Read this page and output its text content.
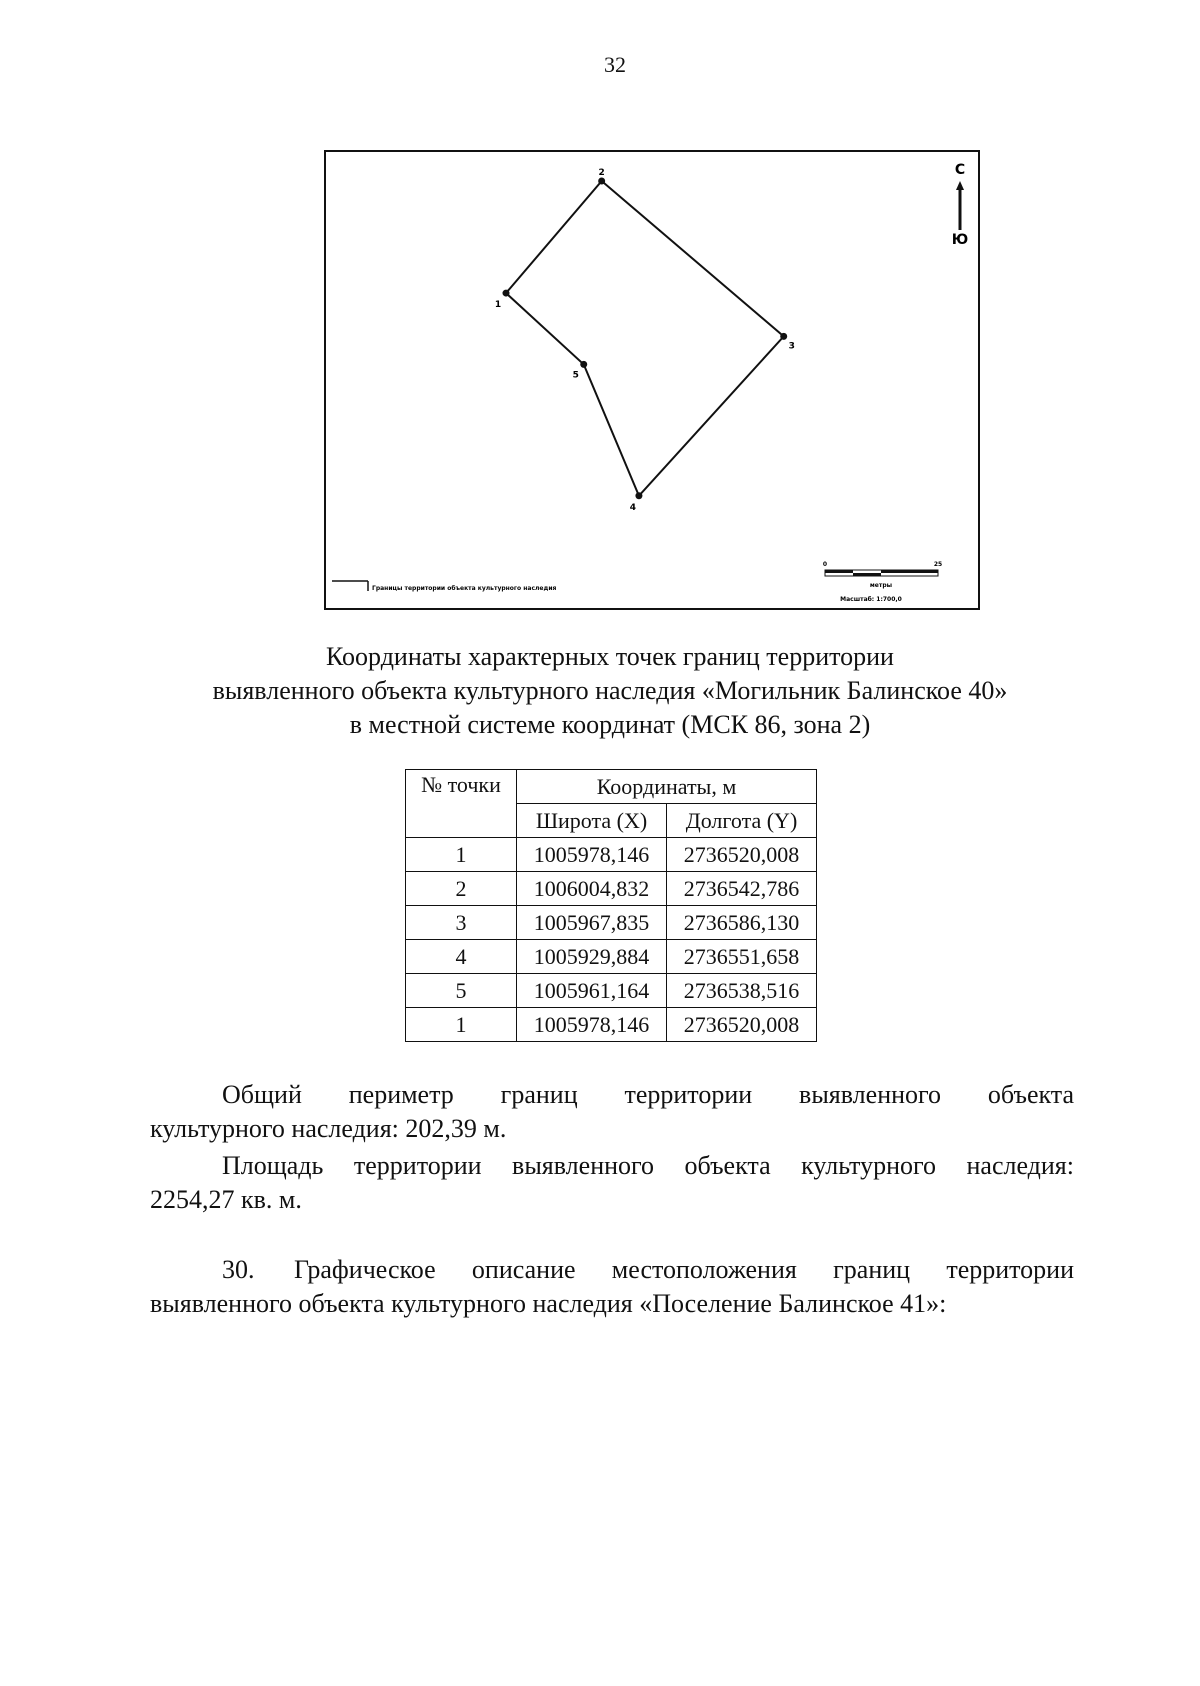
32
1
2
3
4
5
С
Ю
Границы территории объекта культурного наследия
0	25
метры
Масштаб: 1:700,0
Координаты характерных точек границ территории
выявленного объекта культурного наследия «Могильник Балинское 40»
в местной системе координат (МСК 86, зона 2)
№ точки	Координаты, м	
	Широта (X)	Долгота (Y)
1	1005978,146	2736520,008
2	1006004,832	2736542,786
3	1005967,835	2736586,130
4	1005929,884	2736551,658
5	1005961,164	2736538,516
1	1005978,146	2736520,008
Общий периметр границ территории выявленного объекта
культурного наследия: 202,39 м.
Площадь территории выявленного объекта культурного наследия:
2254,27 кв. м.
30.	Графическое описание местоположения границ территории
выявленного объекта культурного наследия «Поселение Балинское 41»:
